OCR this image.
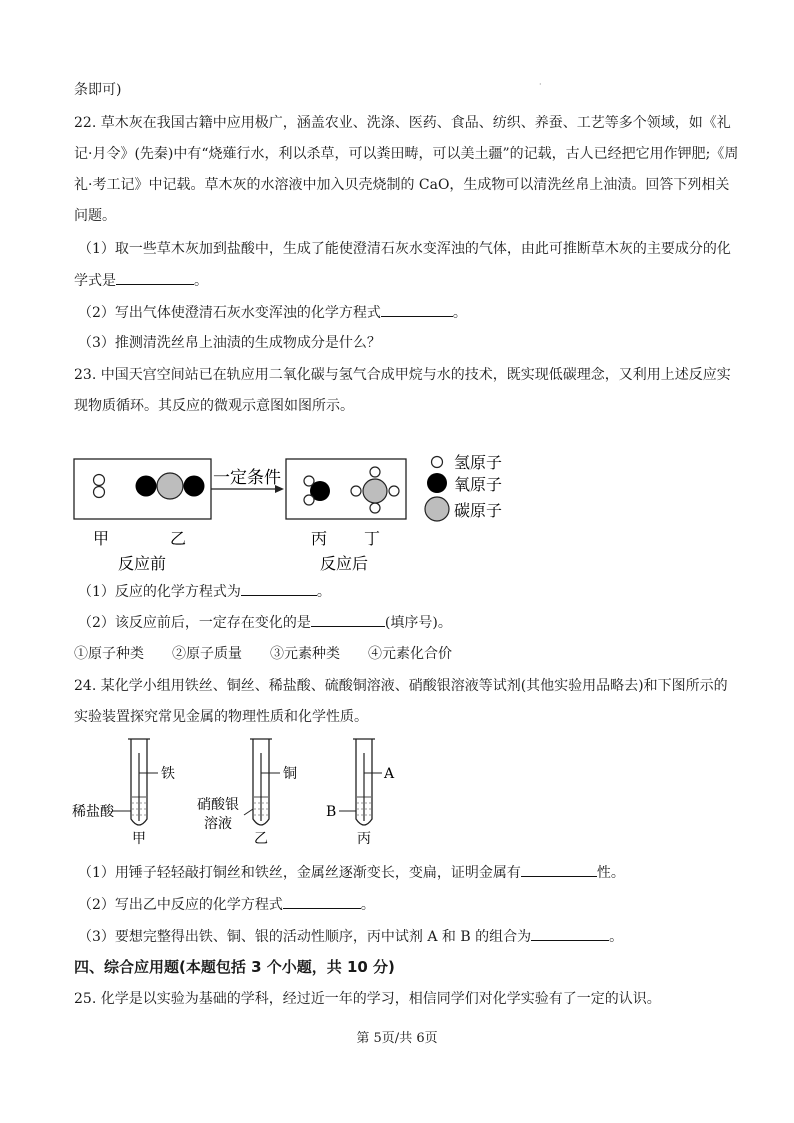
·
条即可)
22. 草木灰在我国古籍中应用极广，涵盖农业、洗涤、医药、食品、纺织、养蚕、工艺等多个领域，如《礼
记·月令》(先秦)中有“烧薙行水，利以杀草，可以粪田畴，可以美土疆”的记载，古人已经把它用作钾肥;《周
礼·考工记》中记载。草木灰的水溶液中加入贝壳烧制的 CaO，生成物可以清洗丝帛上油渍。回答下列相关
问题。
（1）取一些草木灰加到盐酸中，生成了能使澄清石灰水变浑浊的气体，由此可推断草木灰的主要成分的化
学式是	。
（2）写出气体使澄清石灰水变浑浊的化学方程式	。
（3）推测清洗丝帛上油渍的生成物成分是什么？
23. 中国天宫空间站已在轨应用二氧化碳与氢气合成甲烷与水的技术，既实现低碳理念，又利用上述反应实
现物质循环。其反应的微观示意图如图所示。
一定条件
甲	乙
反应前
丙 丁
反应后
氢原子
氧原子
碳原子
（1）反应的化学方程式为	。
（2）该反应前后，一定存在变化的是	(填序号)。
①原子种类　　②原子质量　　③元素种类　　④元素化合价
24. 某化学小组用铁丝、铜丝、稀盐酸、硫酸铜溶液、硝酸银溶液等试剂(其他实验用品略去)和下图所示的
实验装置探究常见金属的物理性质和化学性质。
铁
稀盐酸
甲
铜
硝酸银
溶液
乙
A
B
丙
（1）用锤子轻轻敲打铜丝和铁丝，金属丝逐渐变长，变扁，证明金属有	性。
（2）写出乙中反应的化学方程式	。
（3）要想完整得出铁、铜、银的活动性顺序，丙中试剂 A 和 B 的组合为	。
四、综合应用题(本题包括 3 个小题，共 10 分)
25. 化学是以实验为基础的学科，经过近一年的学习，相信同学们对化学实验有了一定的认识。
第 5页/共 6页
